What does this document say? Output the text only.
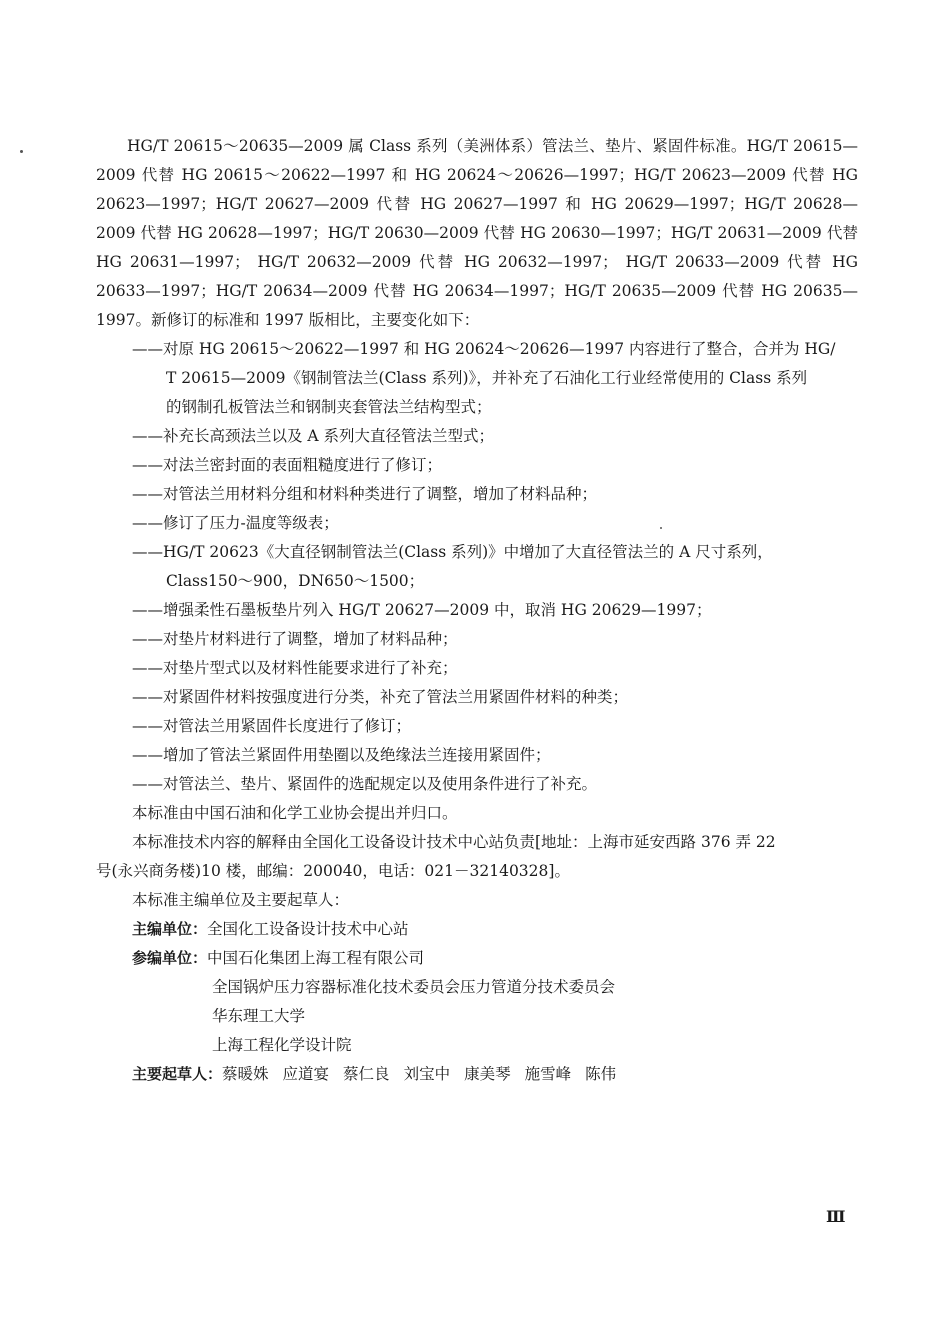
HG/T 20615～20635—2009 属 Class 系列（美洲体系）管法兰、垫片、紧固件标准。HG/T 20615—2009 代替 HG 20615～20622—1997 和 HG 20624～20626—1997；HG/T 20623—2009 代替 HG 20623—1997；HG/T 20627—2009 代替 HG 20627—1997 和 HG 20629—1997；HG/T 20628—2009 代替 HG 20628—1997；HG/T 20630—2009 代替 HG 20630—1997；HG/T 20631—2009 代替 HG 20631—1997； HG/T 20632—2009 代替 HG 20632—1997； HG/T 20633—2009 代替 HG 20633—1997；HG/T 20634—2009 代替 HG 20634—1997；HG/T 20635—2009 代替 HG 20635—1997。新修订的标准和 1997 版相比，主要变化如下：

——对原 HG 20615～20622—1997 和 HG 20624～20626—1997 内容进行了整合，合并为 HG/

T 20615—2009《钢制管法兰(Class 系列)》，并补充了石油化工行业经常使用的 Class 系列

的钢制孔板管法兰和钢制夹套管法兰结构型式；

——补充长高颈法兰以及 A 系列大直径管法兰型式；

——对法兰密封面的表面粗糙度进行了修订；

——对管法兰用材料分组和材料种类进行了调整，增加了材料品种；

——修订了压力-温度等级表；

——HG/T 20623《大直径钢制管法兰(Class 系列)》中增加了大直径管法兰的 A 尺寸系列，

Class150～900，DN650～1500；

——增强柔性石墨板垫片列入 HG/T 20627—2009 中，取消 HG 20629—1997；

——对垫片材料进行了调整，增加了材料品种；

——对垫片型式以及材料性能要求进行了补充；

——对紧固件材料按强度进行分类，补充了管法兰用紧固件材料的种类；

——对管法兰用紧固件长度进行了修订；

——增加了管法兰紧固件用垫圈以及绝缘法兰连接用紧固件；

——对管法兰、垫片、紧固件的选配规定以及使用条件进行了补充。

本标准由中国石油和化学工业协会提出并归口。

本标准技术内容的解释由全国化工设备设计技术中心站负责[地址：上海市延安西路 376 弄 22

号(永兴商务楼)10 楼，邮编：200040，电话：021－32140328]。

本标准主编单位及主要起草人：

主编单位：全国化工设备设计技术中心站

参编单位：中国石化集团上海工程有限公司

全国锅炉压力容器标准化技术委员会压力管道分技术委员会

华东理工大学

上海工程化学设计院

主要起草人：蔡暖姝 应道宴 蔡仁良 刘宝中 康美琴 施雪峰 陈伟

Ⅲ
